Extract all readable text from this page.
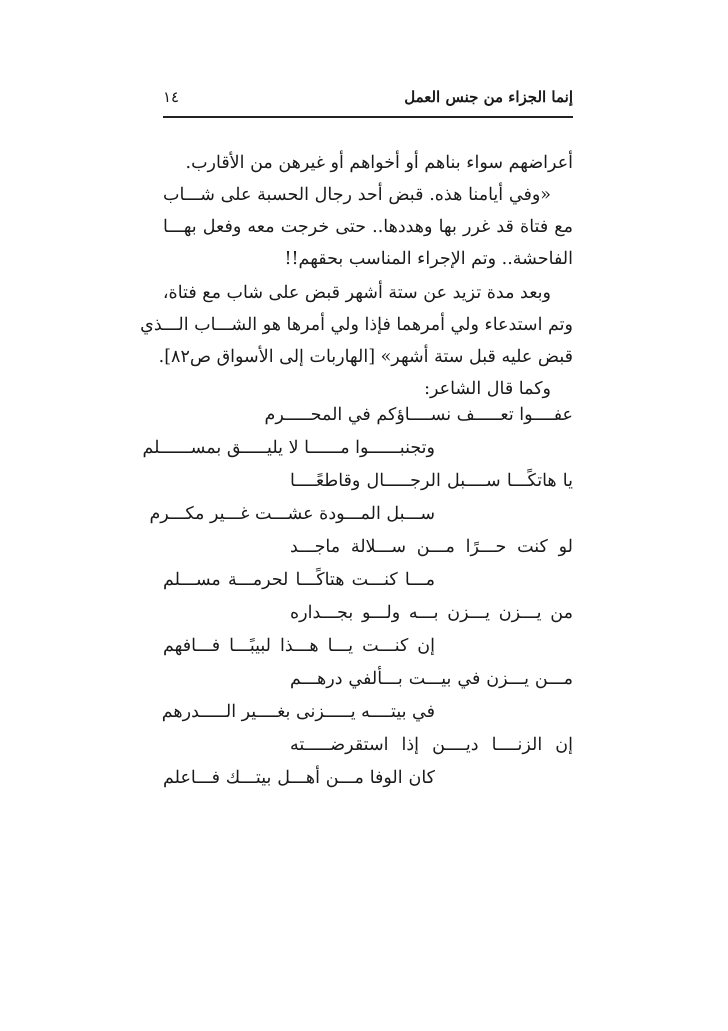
إنما الجزاء من جنس العمل
١٤
أعراضهم سواء بناهم أو أخواهم أو غيرهن من الأقارب.
«وفي أيامنا هذه. قبض أحد رجال الحسبة على شـــاب
مع فتاة قد غرر بها وهددها.. حتى خرجت معه وفعل بهـــا
الفاحشة.. وتم الإجراء المناسب بحقهم!!
وبعد مدة تزيد عن ستة أشهر قبض على شاب مع فتاة،
وتم استدعاء ولي أمرهما فإذا ولي أمرها هو الشـــاب الـــذي
قبض عليه قبل ستة أشهر» [الهاربات إلى الأسواق ص٨٢].
وكما قال الشاعر:
عفــــوا تعـــــف نســــاؤكم في المحـــــرم
وتجنبــــــوا مــــــا لا يليـــــق بمســــــلم
يا هاتكًـــا ســــبل الرجـــــال وقاطعًــــا
ســـبل المـــودة عشـــت غـــير مكـــرم
لو كنت حـــرًا مـــن ســـلالة ماجـــد
مـــا كنـــت هتاكًـــا لحرمـــة مســـلم
من يـــزن يـــزن بـــه ولـــو بجـــداره
إن كنـــت يـــا هـــذا لبيبًـــا فـــافهم
مـــن يـــزن في بيـــت بـــألفي درهـــم
في بيتــــه يـــــزنى بغــــير الـــــدرهم
إن الزنــــا ديــــن إذا استقرضـــــته
كان الوفا مـــن أهـــل بيتـــك فـــاعلم
